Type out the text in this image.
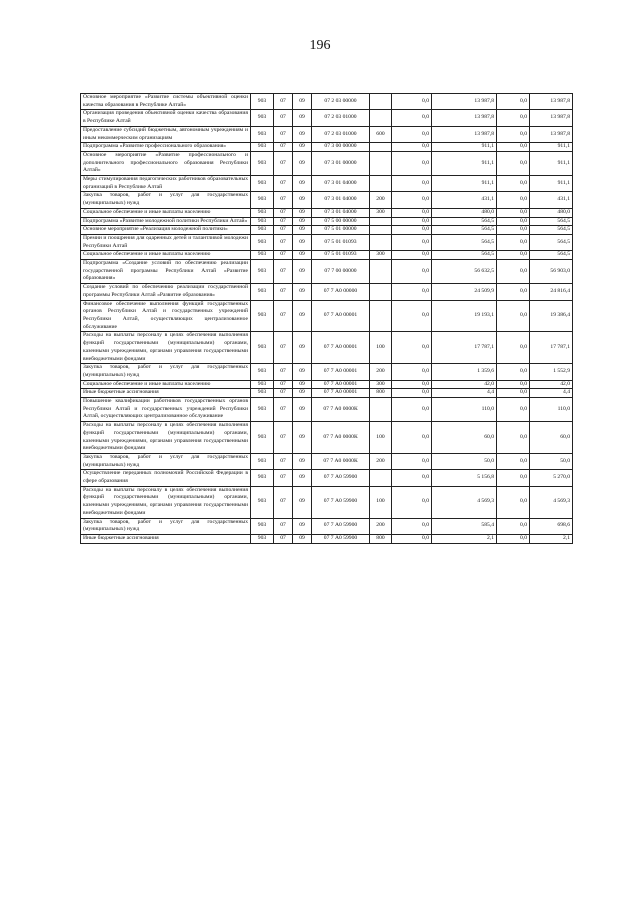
196
Основное мероприятие «Развитие системы объективной оценки качества образования в Республике Алтай»	903	07	09	07 2 03 00000		0,0	13 987,8	0,0	13 987,8
Организация проведения объективной оценки качества образования в Республике Алтай	903	07	09	07 2 03 01000		0,0	13 987,8	0,0	13 987,8
Предоставление субсидий бюджетным, автономным учреждениям и иным некоммерческим организациям	903	07	09	07 2 03 01000	600	0,0	13 987,8	0,0	13 987,8
Подпрограмма «Развитие профессионального образования»	903	07	09	07 3 00 00000		0,0	911,1	0,0	911,1
Основное мероприятие «Развитие профессионального и дополнительного профессионального образования Республики Алтай»	903	07	09	07 3 01 00000		0,0	911,1	0,0	911,1
Меры стимулирования педагогических работников образовательных организаций в Республике Алтай	903	07	09	07 3 01 04000		0,0	911,1	0,0	911,1
Закупка товаров, работ и услуг для государственных (муниципальных) нужд	903	07	09	07 3 01 04000	200	0,0	431,1	0,0	431,1
Социальное обеспечение и иные выплаты населению	903	07	09	07 3 01 04000	300	0,0	480,0	0,0	480,0
Подпрограмма «Развитие молодежной политики Республики Алтай»	903	07	09	07 5 00 00000		0,0	564,5	0,0	564,5
Основное мероприятие «Реализация молодежной политики»	903	07	09	07 5 01 00000		0,0	564,5	0,0	564,5
Премии и поощрения для одаренных детей и талантливой молодежи Республики Алтай	903	07	09	07 5 01 01093		0,0	564,5	0,0	564,5
Социальное обеспечение и иные выплаты населению	903	07	09	07 5 01 01093	300	0,0	564,5	0,0	564,5
Подпрограмма «Создание условий по обеспечению реализации государственной программы Республики Алтай «Развитие образования»	903	07	09	07 7 00 00000		0,0	56 632,5	0,0	56 903,0
Создание условий по обеспечению реализации государственной программы Республики Алтай «Развитие образования»	903	07	09	07 7 А0 00000		0,0	24 509,9	0,0	24 816,4
Финансовое обеспечение выполнения функций государственных органов Республики Алтай и государственных учреждений Республики Алтай, осуществляющих централизованное обслуживание	903	07	09	07 7 А0 00001		0,0	19 193,1	0,0	19 386,4
Расходы на выплаты персоналу в целях обеспечения выполнения функций государственными (муниципальными) органами, казенными учреждениями, органами управления государственными внебюджетными фондами	903	07	09	07 7 А0 00001	100	0,0	17 787,1	0,0	17 787,1
Закупка товаров, работ и услуг для государственных (муниципальных) нужд	903	07	09	07 7 А0 00001	200	0,0	1 359,6	0,0	1 552,9
Социальное обеспечение и иные выплаты населению	903	07	09	07 7 А0 00001	300	0,0	42,0	0,0	42,0
Иные бюджетные ассигнования	903	07	09	07 7 А0 00001	800	0,0	4,4	0,0	4,4
Повышение квалификации работников государственных органов Республики Алтай и государственных учреждений Республики Алтай, осуществляющих централизованное обслуживание	903	07	09	07 7 А0 0000К		0,0	110,0	0,0	110,0
Расходы на выплаты персоналу в целях обеспечения выполнения функций государственными (муниципальными) органами, казенными учреждениями, органами управления государственными внебюджетными фондами	903	07	09	07 7 А0 0000К	100	0,0	60,0	0,0	60,0
Закупка товаров, работ и услуг для государственных (муниципальных) нужд	903	07	09	07 7 А0 0000К	200	0,0	50,0	0,0	50,0
Осуществление переданных полномочий Российской Федерации в сфере образования	903	07	09	07 7 А0 59900		0,0	5 156,8	0,0	5 270,0
Расходы на выплаты персоналу в целях обеспечения выполнения функций государственными (муниципальными) органами, казенными учреждениями, органами управления государственными внебюджетными фондами	903	07	09	07 7 А0 59900	100	0,0	4 569,3	0,0	4 569,3
Закупка товаров, работ и услуг для государственных (муниципальных) нужд	903	07	09	07 7 А0 59900	200	0,0	585,4	0,0	698,6
Иные бюджетные ассигнования	903	07	09	07 7 А0 59900	800	0,0	2,1	0,0	2,1
